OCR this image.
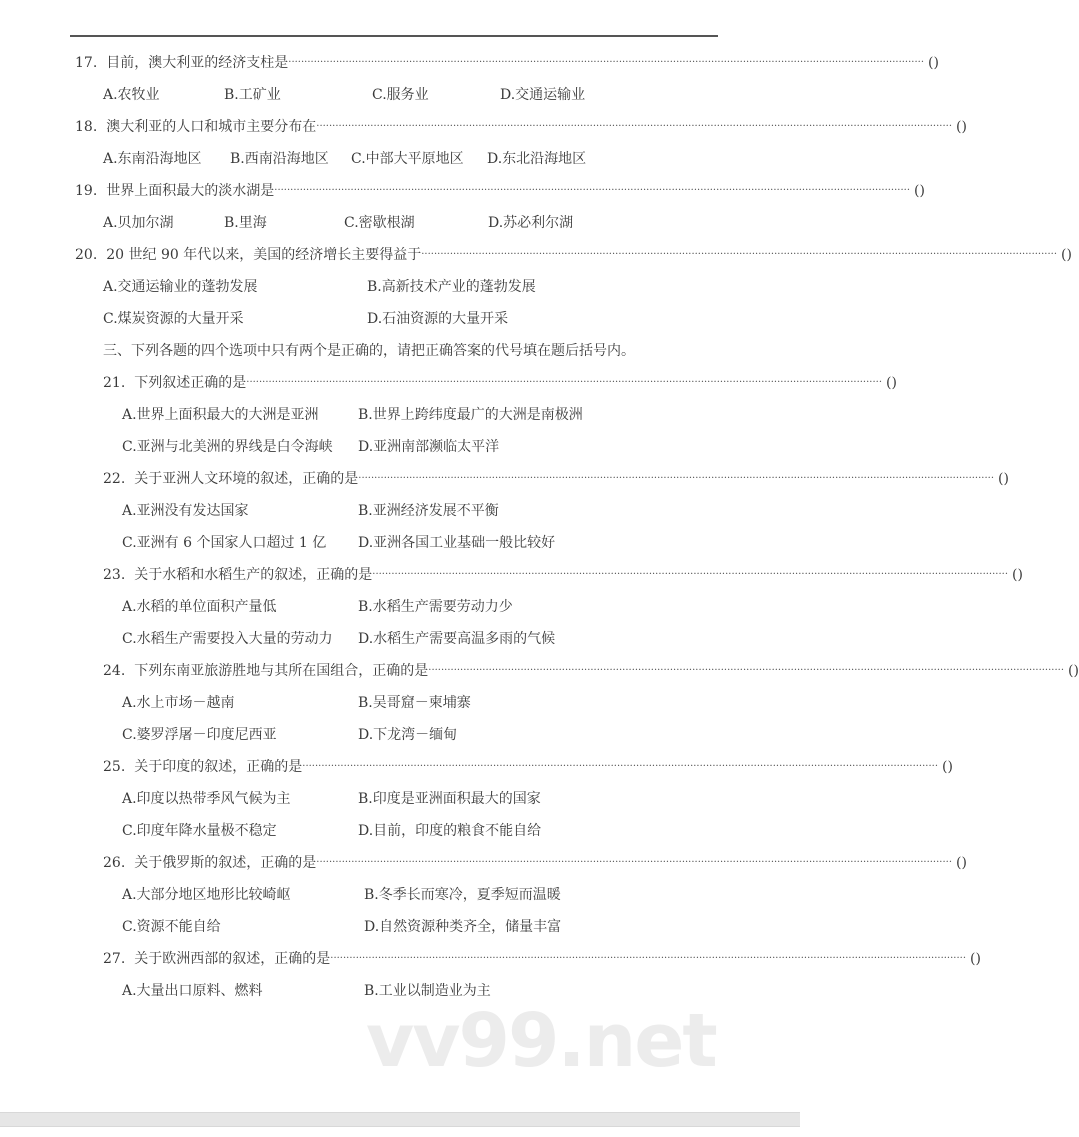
17. 目前，澳大利亚的经济支柱是 ········································································································································································································ ( )
A.农牧业	B.工矿业	C.服务业	D.交通运输业
18. 澳大利亚的人口和城市主要分布在 ········································································································································································································ ( )
A.东南沿海地区 B.西南沿海地区 C.中部大平原地区 D.东北沿海地区
19. 世界上面积最大的淡水湖是 ········································································································································································································ ( )
A.贝加尔湖	B.里海	C.密歇根湖	D.苏必利尔湖
20. 20 世纪 90 年代以来，美国的经济增长主要得益于 ········································································································································································································ ( )
A.交通运输业的蓬勃发展	B.高新技术产业的蓬勃发展
C.煤炭资源的大量开采	D.石油资源的大量开采
21. 下列叙述正确的是 ········································································································································································································ ( )
A.世界上面积最大的大洲是亚洲	B.世界上跨纬度最广的大洲是南极洲
C.亚洲与北美洲的界线是白令海峡 D.亚洲南部濒临太平洋
22. 关于亚洲人文环境的叙述，正确的是 ········································································································································································································ ( )
A.亚洲没有发达国家	B.亚洲经济发展不平衡
C.亚洲有 6 个国家人口超过 1 亿 D.亚洲各国工业基础一般比较好
23. 关于水稻和水稻生产的叙述，正确的是 ········································································································································································································ ( )
A.水稻的单位面积产量低	B.水稻生产需要劳动力少
C.水稻生产需要投入大量的劳动力 D.水稻生产需要高温多雨的气候
24. 下列东南亚旅游胜地与其所在国组合，正确的是 ········································································································································································································ ( )
A.水上市场－越南	B.吴哥窟－柬埔寨
C.婆罗浮屠－印度尼西亚	D.下龙湾－缅甸
25. 关于印度的叙述，正确的是 ········································································································································································································ ( )
A.印度以热带季风气候为主	B.印度是亚洲面积最大的国家
C.印度年降水量极不稳定	D.目前，印度的粮食不能自给
26. 关于俄罗斯的叙述，正确的是 ········································································································································································································ ( )
A.大部分地区地形比较崎岖	B.冬季长而寒冷，夏季短而温暖
C.资源不能自给	D.自然资源种类齐全，储量丰富
27. 关于欧洲西部的叙述，正确的是 ········································································································································································································ ( )
A.大量出口原料、燃料	B.工业以制造业为主
三、下列各题的四个选项中只有两个是正确的，请把正确答案的代号填在题后括号内。
vv99.net
